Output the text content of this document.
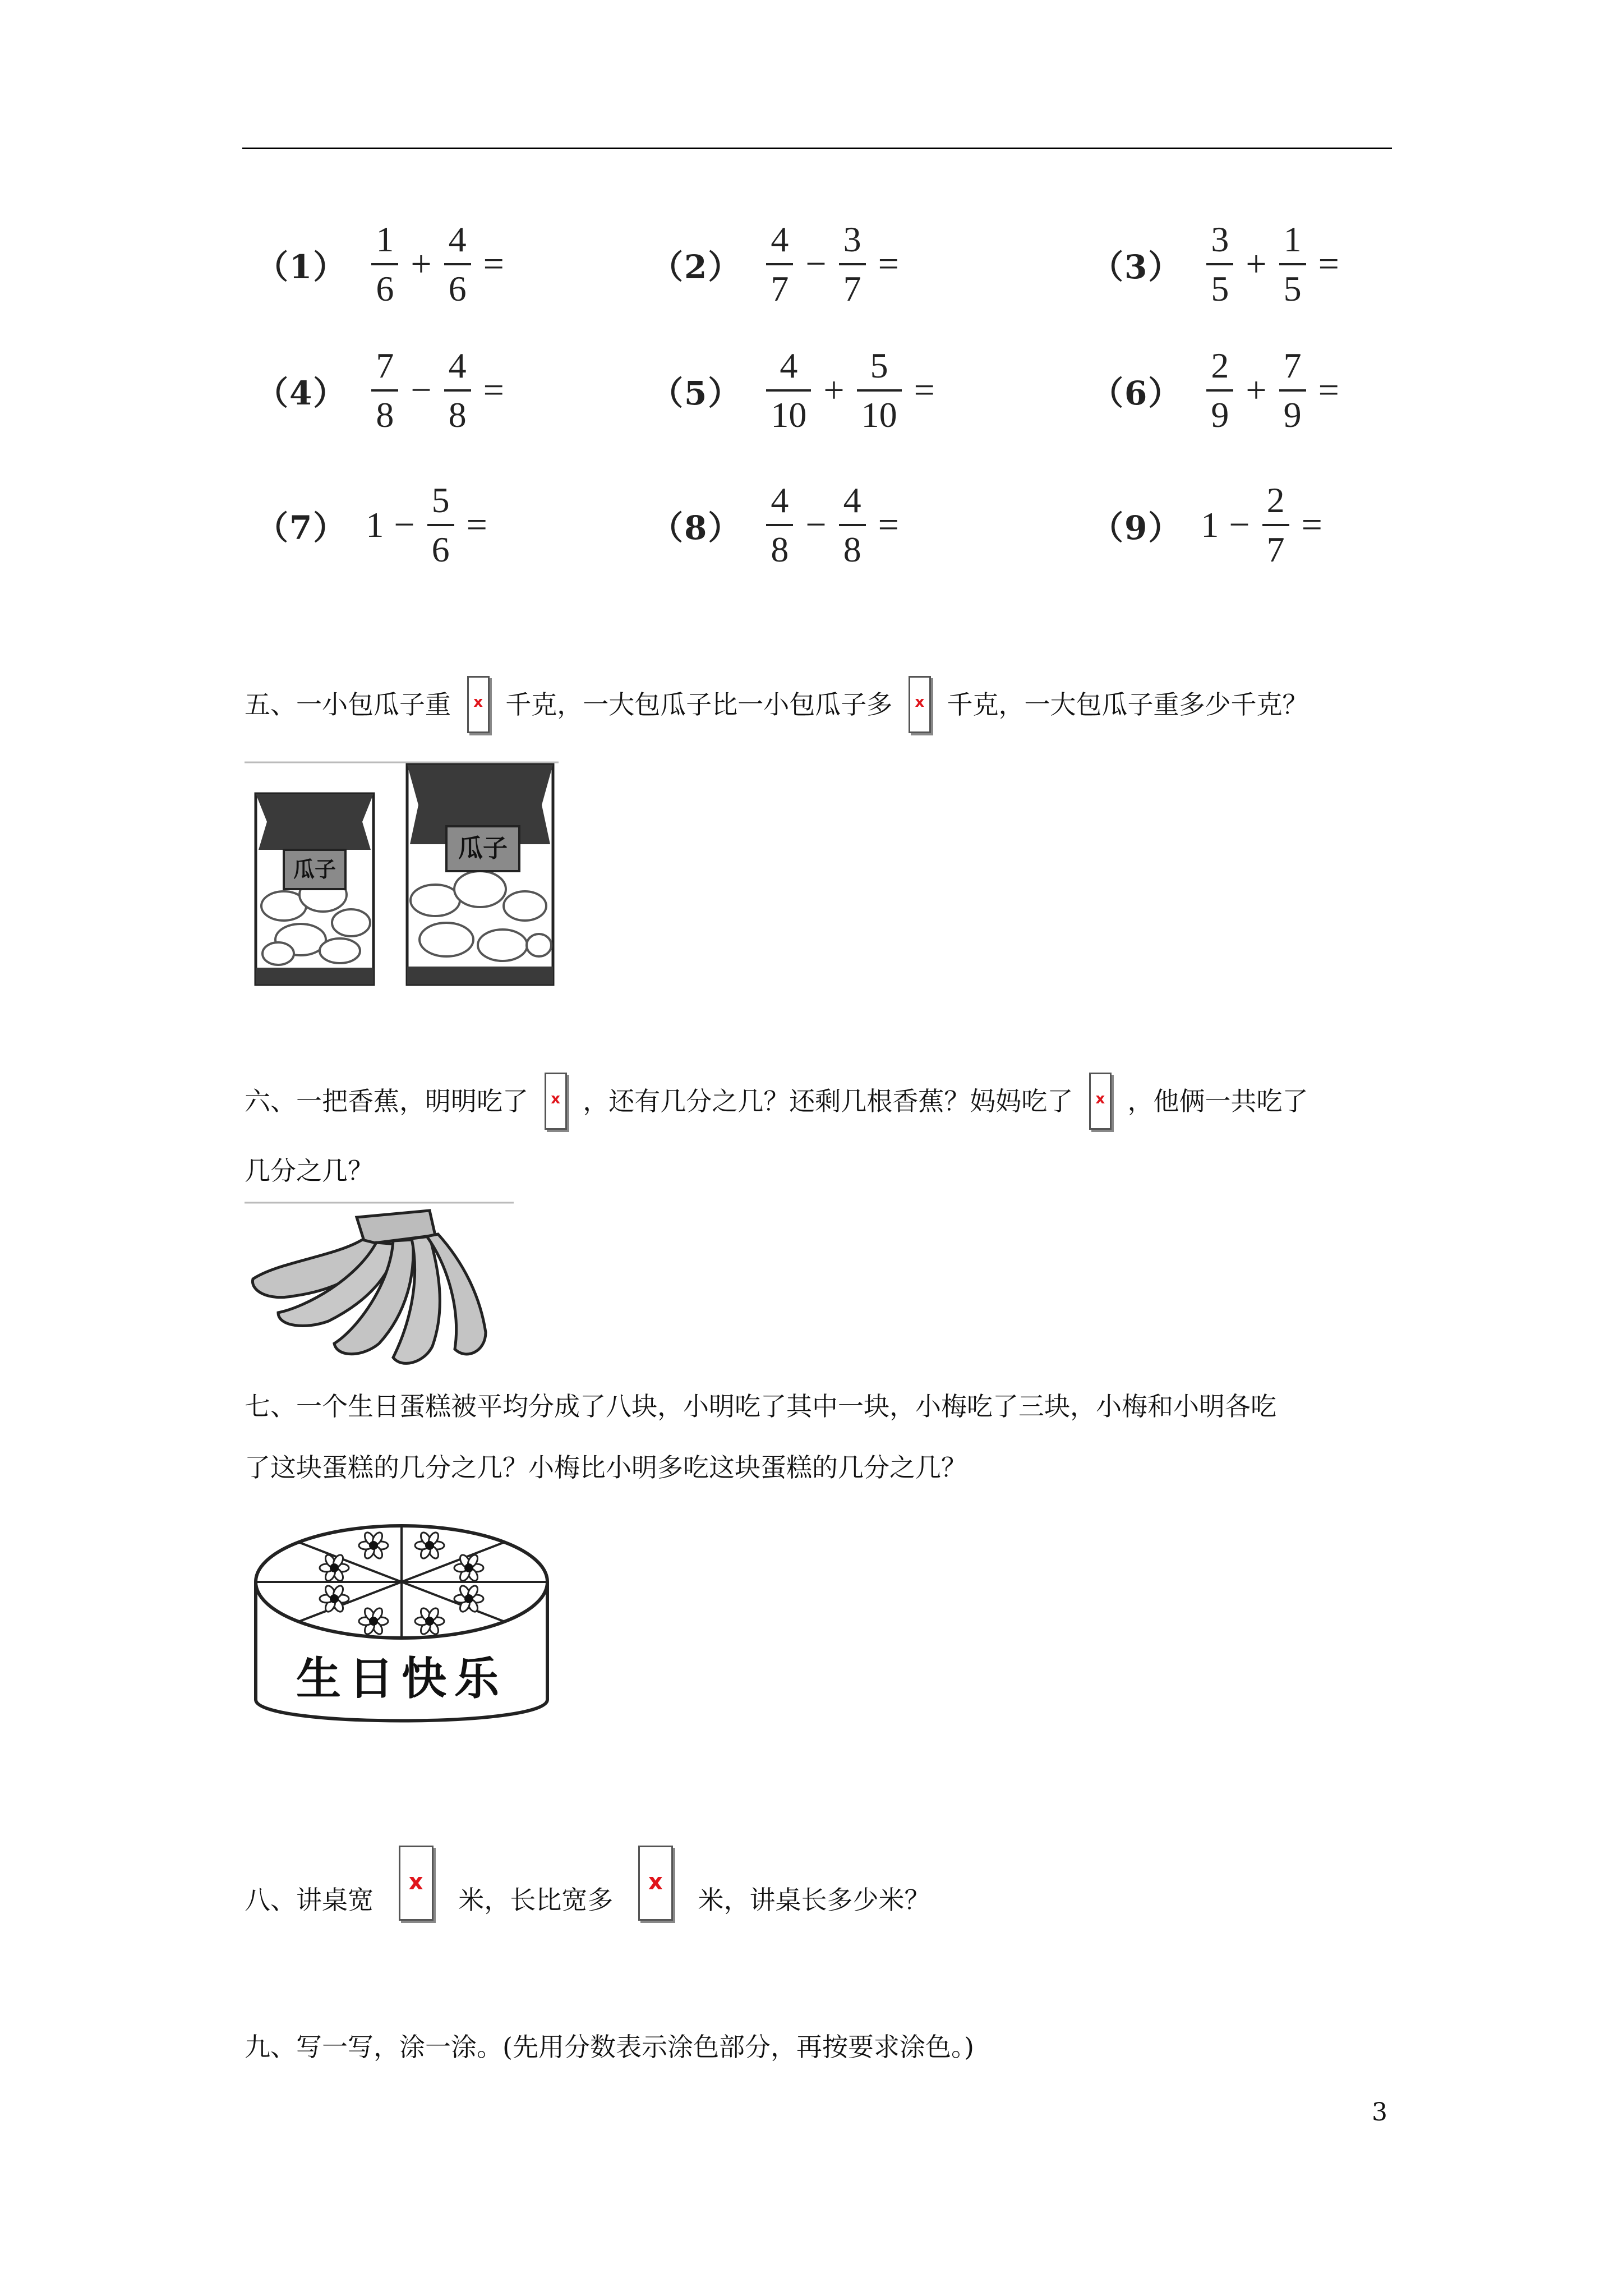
$(1) \frac{1}{6} + \frac{4}{6}$ =	$(2) \frac{4}{7} - \frac{3}{7}$ =	$(3) \frac{3}{5} + \frac{1}{5}$ =
$(4) \frac{7}{8} - \frac{4}{8}$ =	$(5) \frac{4}{10} + \frac{5}{10}$ =	$(6) \frac{2}{9} + \frac{7}{9}$ =
（7） $1 - \frac{5}{6}$ =	$(8) \frac{4}{8} - \frac{4}{8}$ =	（9） $1 - \frac{2}{7}$ =
五、一小包瓜子重	x 千克，一大包瓜子比一小包瓜子多	x 千克，一大包瓜子重多少千克？
瓜子
瓜子
六、一把香蕉，明明吃了	x ，还有几分之几？还剩几根香蕉？妈妈吃了	x ，他俩一共吃了
几分之几？
七、一个生日蛋糕被平均分成了八块，小明吃了其中一块，小梅吃了三块，小梅和小明各吃
了这块蛋糕的几分之几？小梅比小明多吃这块蛋糕的几分之几？
生日快乐
八、讲桌宽
x
米，长比宽多
x
米，讲桌长多少米？
九、写一写，涂一涂。(先用分数表示涂色部分，再按要求涂色。)
3
